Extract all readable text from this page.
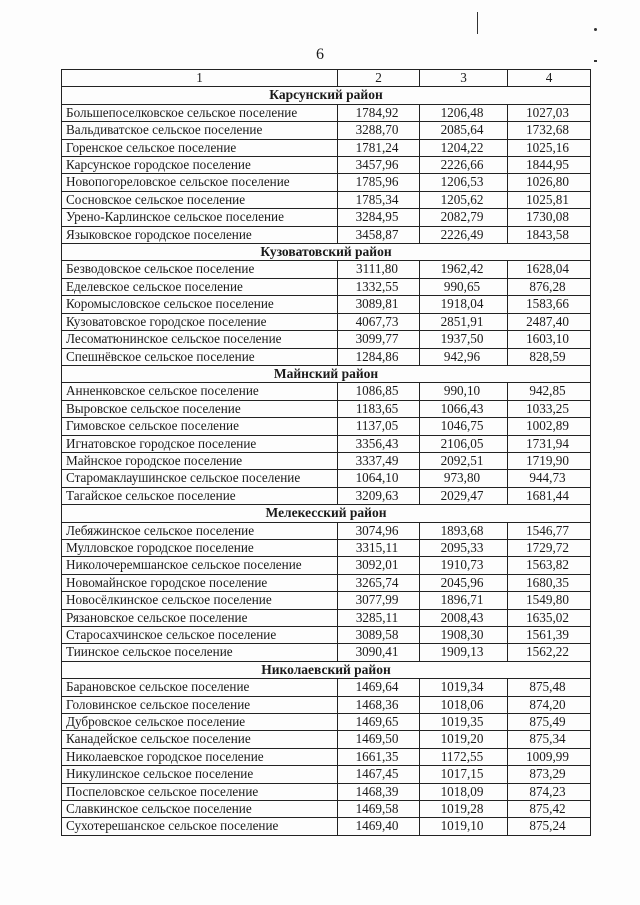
6
1	2	3	4
Карсунский район			
Большепоселковское сельское поселение	1784,92	1206,48	1027,03
Вальдиватское сельское поселение	3288,70	2085,64	1732,68
Горенское сельское поселение	1781,24	1204,22	1025,16
Карсунское городское поселение	3457,96	2226,66	1844,95
Новопогореловское сельское поселение	1785,96	1206,53	1026,80
Сосновское сельское поселение	1785,34	1205,62	1025,81
Урено-Карлинское сельское поселение	3284,95	2082,79	1730,08
Языковское городское поселение	3458,87	2226,49	1843,58
Кузоватовский район			
Безводовское сельское поселение	3111,80	1962,42	1628,04
Еделевское сельское поселение	1332,55	990,65	876,28
Коромысловское сельское поселение	3089,81	1918,04	1583,66
Кузоватовское городское поселение	4067,73	2851,91	2487,40
Лесоматюнинское сельское поселение	3099,77	1937,50	1603,10
Спешнёвское сельское поселение	1284,86	942,96	828,59
Майнский район			
Анненковское сельское поселение	1086,85	990,10	942,85
Выровское сельское поселение	1183,65	1066,43	1033,25
Гимовское сельское поселение	1137,05	1046,75	1002,89
Игнатовское городское поселение	3356,43	2106,05	1731,94
Майнское городское поселение	3337,49	2092,51	1719,90
Старомаклаушинское сельское поселение	1064,10	973,80	944,73
Тагайское сельское поселение	3209,63	2029,47	1681,44
Мелекесский район			
Лебяжинское сельское поселение	3074,96	1893,68	1546,77
Мулловское городское поселение	3315,11	2095,33	1729,72
Николочеремшанское сельское поселение	3092,01	1910,73	1563,82
Новомайнское городское поселение	3265,74	2045,96	1680,35
Новосёлкинское сельское поселение	3077,99	1896,71	1549,80
Рязановское сельское поселение	3285,11	2008,43	1635,02
Старосахчинское сельское поселение	3089,58	1908,30	1561,39
Тиинское сельское поселение	3090,41	1909,13	1562,22
Николаевский район			
Барановское сельское поселение	1469,64	1019,34	875,48
Головинское сельское поселение	1468,36	1018,06	874,20
Дубровское сельское поселение	1469,65	1019,35	875,49
Канадейское сельское поселение	1469,50	1019,20	875,34
Николаевское городское поселение	1661,35	1172,55	1009,99
Никулинское сельское поселение	1467,45	1017,15	873,29
Поспеловское сельское поселение	1468,39	1018,09	874,23
Славкинское сельское поселение	1469,58	1019,28	875,42
Сухотерешанское сельское поселение	1469,40	1019,10	875,24
